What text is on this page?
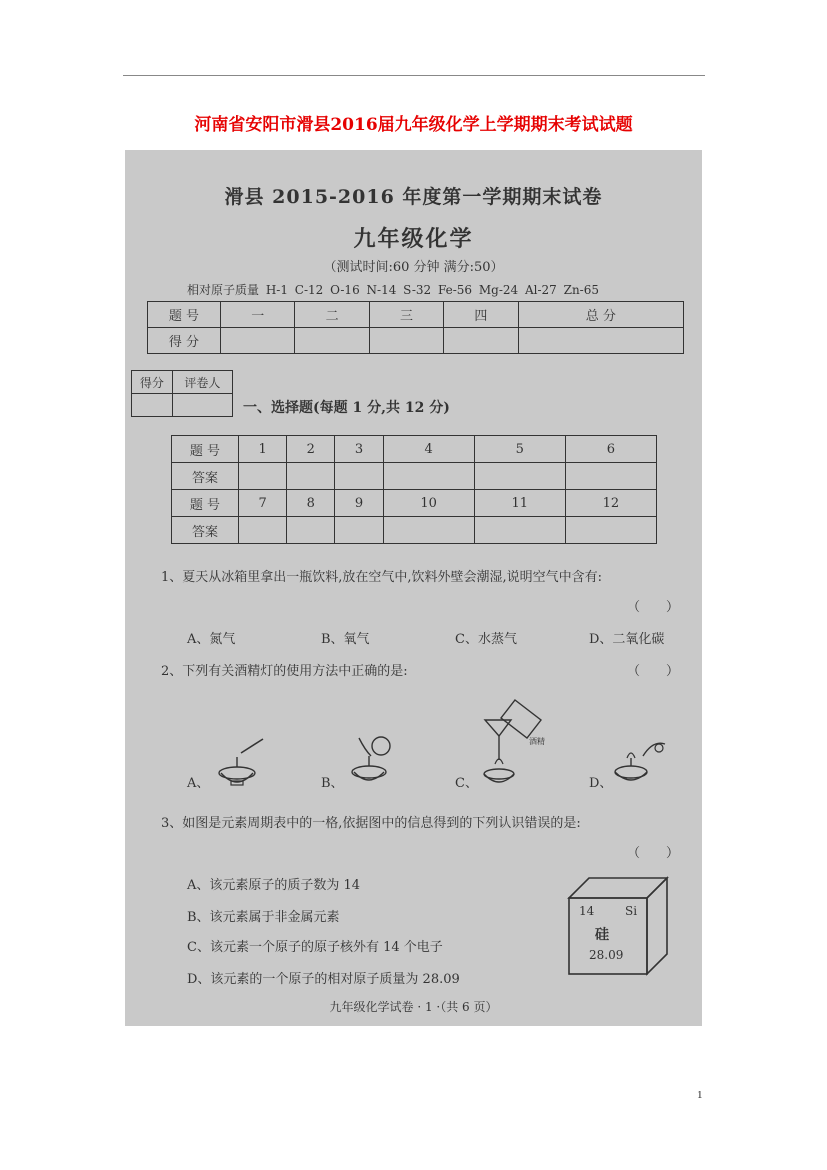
河南省安阳市滑县2016届九年级化学上学期期末考试试题
滑县 2015-2016 年度第一学期期末试卷
九年级化学
（测试时间:60 分钟 满分:50）
相对原子质量 H-1 C-12 O-16 N-14 S-32 Fe-56 Mg-24 Al-27 Zn-65
题 号	一	二	三	四	总 分
得 分					
得分	评卷人

一、选择题(每题 1 分,共 12 分)
题 号	1	2	3	4	5	6
答案						
题 号	7	8	9	10	11	12
答案						
1、夏天从冰箱里拿出一瓶饮料,放在空气中,饮料外壁会潮湿,说明空气中含有:
（　　）
A、氮气	B、氧气	C、水蒸气	D、二氧化碳
2、下列有关酒精灯的使用方法中正确的是:	（　　）
A、	B、	C、
酒精
D、
3、如图是元素周期表中的一格,依据图中的信息得到的下列认识错误的是:
（　　）
A、该元素原子的质子数为 14
B、该元素属于非金属元素
C、该元素一个原子的原子核外有 14 个电子
D、该元素的一个原子的相对原子质量为 28.09
14	Si
硅
28.09
九年级化学试卷 · 1 ·（共 6 页）
1
